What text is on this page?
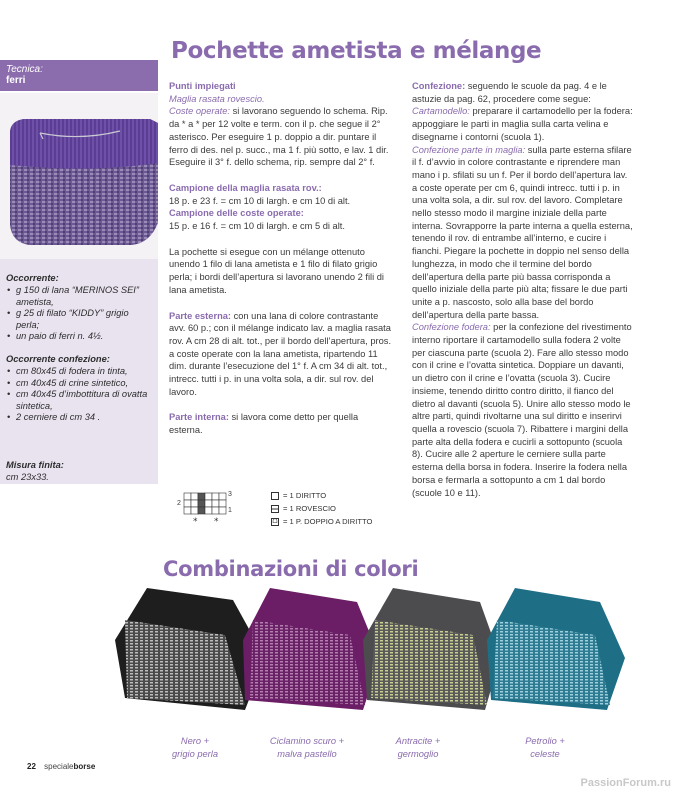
Pochette ametista e mélange
Tecnica:
ferri
Occorrente:
• g 150 di lana “MERINOS SEI” ametista,
• g 25 di filato “KIDDY” grigio perla;
• un paio di ferri n. 4½.
Occorrente confezione:
• cm 80x45 di fodera in tinta,
• cm 40x45 di crine sintetico,
• cm 40x45 d’imbottitura di ovatta sintetica,
• 2 cerniere di cm 34 .
Misura finita:
cm 23x33.

Punti impiegati

Maglia rasata rovescio.

Coste operate: si lavorano seguendo lo schema. Rip. da * a * per 12 volte e term. con il p. che segue il 2° asterisco. Per eseguire 1 p. doppio a dir. puntare il ferro di des. nel p. succ., ma 1 f. più sotto, e lav. 1 dir. Eseguire il 3° f. dello schema, rip. sempre dal 2° f.

Campione della maglia rasata rov.:

18 p. e 23 f. = cm 10 di largh. e cm 10 di alt.

Campione delle coste operate:

15 p. e 16 f. = cm 10 di largh. e cm 5 di alt.

La pochette si esegue con un mélange ottenuto unendo 1 filo di lana ametista e 1 filo di filato grigio perla; i bordi dell’apertura si lavorano unendo 2 fili di lana ametista.

Parte esterna: con una lana di colore contrastante avv. 60 p.; con il mélange indicato lav. a maglia rasata rov. A cm 28 di alt. tot., per il bordo dell’apertura, pros. a coste operate con la lana ametista, ripartendo 11 dim. durante l’esecuzione del 1° f. A cm 34 di alt. tot., intrecc. tutti i p. in una volta sola, a dir. sul rov. del lavoro.

Parte interna: si lavora come detto per quella esterna.

* *
3
2
1
= 1 DIRITTO
= 1 ROVESCIO
ᗝ = 1 P. DOPPIO A DIRITTO

Confezione: seguendo le scuole da pag. 4 e le astuzie da pag. 62, procedere come segue:

Cartamodello: preparare il cartamodello per la fodera: appoggiare le parti in maglia sulla carta velina e disegnarne i contorni (scuola 1).

Confezione parte in maglia: sulla parte esterna sfilare il f. d’avvio in colore contrastante e riprendere man mano i p. sfilati su un f. Per il bordo dell’apertura lav. a coste operate per cm 6, quindi intrecc. tutti i p. in una volta sola, a dir. sul rov. del lavoro. Completare nello stesso modo il margine iniziale della parte interna. Sovrapporre la parte interna a quella esterna, tenendo il rov. di entrambe all’interno, e cucire i fianchi. Piegare la pochette in doppio nel senso della lunghezza, in modo che il termine del bordo dell’apertura della parte più bassa corrisponda a quello iniziale della parte più alta; fissare le due parti unite a p. nascosto, solo alla base del bordo dell’apertura della parte bassa.

Confezione fodera: per la confezione del rivestimento interno riportare il cartamodello sulla fodera 2 volte per ciascuna parte (scuola 2). Fare allo stesso modo con il crine e l’ovatta sintetica. Doppiare un davanti, un dietro con il crine e l’ovatta (scuola 3). Cucire insieme, tenendo diritto contro diritto, il fianco del dietro al davanti (scuola 5). Unire allo stesso modo le altre parti, quindi rivoltarne una sul diritto e inserirvi quella a rovescio (scuola 7). Ribattere i margini della parte alta della fodera e cucirli a sottopunto (scuola 8). Cucire alle 2 aperture le cerniere sulla parte esterna della borsa in fodera. Inserire la fodera nella borsa e fermarla a sottopunto a cm 1 dal bordo (scuole 10 e 11).

Combinazioni di colori
Nero +
grigio perla
Ciclamino scuro +
malva pastello
Antracite +
germoglio
Petrolio +
celeste
22 specialeborse
PassionForum.ru
